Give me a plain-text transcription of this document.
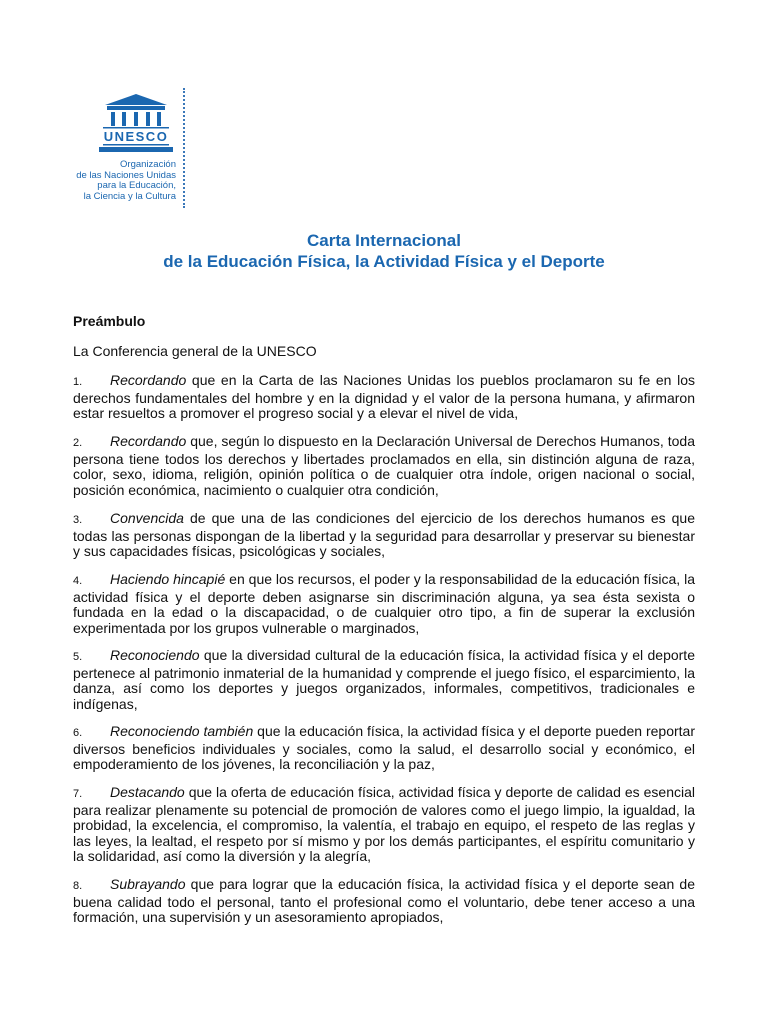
UNESCO
Organización
de las Naciones Unidas
para la Educación,
la Ciencia y la Cultura
Carta Internacional
de la Educación Física, la Actividad Física y el Deporte
Preámbulo
La Conferencia general de la UNESCO
1. Recordando que en la Carta de las Naciones Unidas los pueblos proclamaron su fe en los derechos fundamentales del hombre y en la dignidad y el valor de la persona humana, y afirmaron estar resueltos a promover el progreso social y a elevar el nivel de vida,
2. Recordando que, según lo dispuesto en la Declaración Universal de Derechos Humanos, toda persona tiene todos los derechos y libertades proclamados en ella, sin distinción alguna de raza, color, sexo, idioma, religión, opinión política o de cualquier otra índole, origen nacional o social, posición económica, nacimiento o cualquier otra condición,
3. Convencida de que una de las condiciones del ejercicio de los derechos humanos es que todas las personas dispongan de la libertad y la seguridad para desarrollar y preservar su bienestar y sus capacidades físicas, psicológicas y sociales,
4. Haciendo hincapié en que los recursos, el poder y la responsabilidad de la educación física, la actividad física y el deporte deben asignarse sin discriminación alguna, ya sea ésta sexista o fundada en la edad o la discapacidad, o de cualquier otro tipo, a fin de superar la exclusión experimentada por los grupos vulnerable o marginados,
5. Reconociendo que la diversidad cultural de la educación física, la actividad física y el deporte pertenece al patrimonio inmaterial de la humanidad y comprende el juego físico, el esparcimiento, la danza, así como los deportes y juegos organizados, informales, competitivos, tradicionales e indígenas,
6. Reconociendo también que la educación física, la actividad física y el deporte pueden reportar diversos beneficios individuales y sociales, como la salud, el desarrollo social y económico, el empoderamiento de los jóvenes, la reconciliación y la paz,
7. Destacando que la oferta de educación física, actividad física y deporte de calidad es esencial para realizar plenamente su potencial de promoción de valores como el juego limpio, la igualdad, la probidad, la excelencia, el compromiso, la valentía, el trabajo en equipo, el respeto de las reglas y las leyes, la lealtad, el respeto por sí mismo y por los demás participantes, el espíritu comunitario y la solidaridad, así como la diversión y la alegría,
8. Subrayando que para lograr que la educación física, la actividad física y el deporte sean de buena calidad todo el personal, tanto el profesional como el voluntario, debe tener acceso a una formación, una supervisión y un asesoramiento apropiados,
